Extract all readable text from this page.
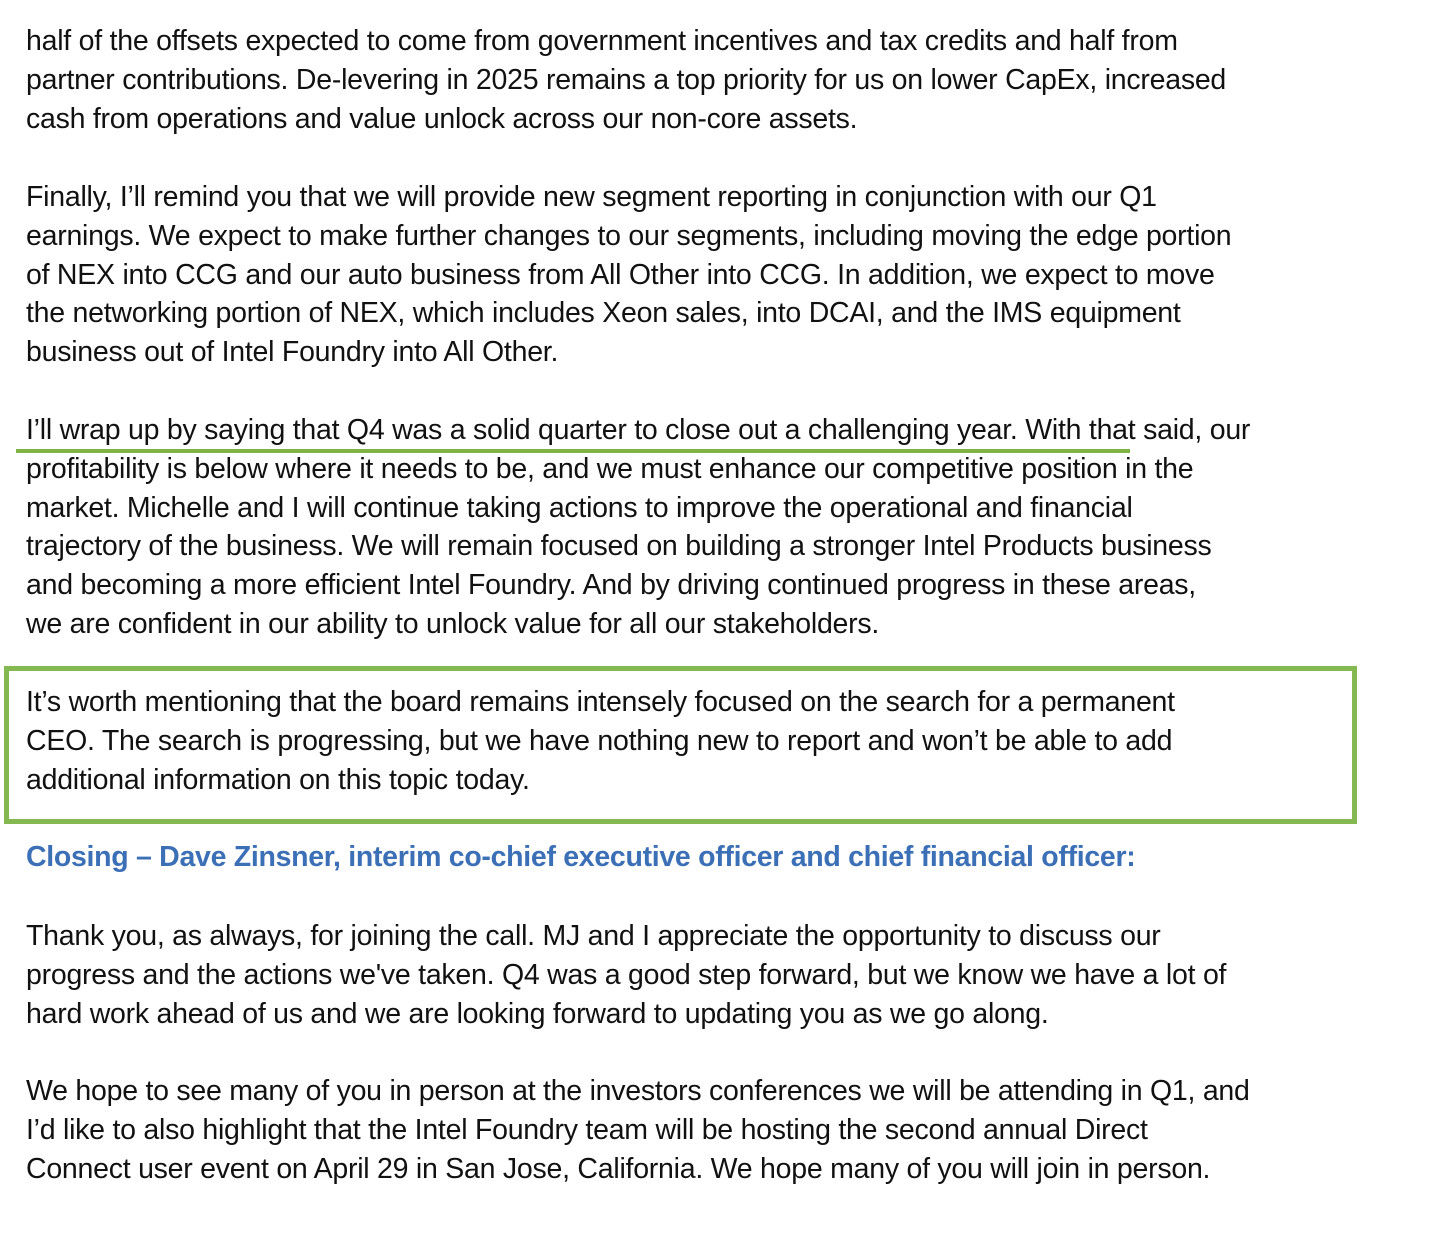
half of the offsets expected to come from government incentives and tax credits and half from
partner contributions. De-levering in 2025 remains a top priority for us on lower CapEx, increased
cash from operations and value unlock across our non-core assets.

Finally, I’ll remind you that we will provide new segment reporting in conjunction with our Q1
earnings. We expect to make further changes to our segments, including moving the edge portion
of NEX into CCG and our auto business from All Other into CCG. In addition, we expect to move
the networking portion of NEX, which includes Xeon sales, into DCAI, and the IMS equipment
business out of Intel Foundry into All Other.

I’ll wrap up by saying that Q4 was a solid quarter to close out a challenging year. With that said, our
profitability is below where it needs to be, and we must enhance our competitive position in the
market. Michelle and I will continue taking actions to improve the operational and financial
trajectory of the business. We will remain focused on building a stronger Intel Products business
and becoming a more efficient Intel Foundry. And by driving continued progress in these areas,
we are confident in our ability to unlock value for all our stakeholders.

It’s worth mentioning that the board remains intensely focused on the search for a permanent
CEO. The search is progressing, but we have nothing new to report and won’t be able to add
additional information on this topic today.

Closing – Dave Zinsner, interim co-chief executive officer and chief financial officer:

Thank you, as always, for joining the call. MJ and I appreciate the opportunity to discuss our
progress and the actions we've taken. Q4 was a good step forward, but we know we have a lot of
hard work ahead of us and we are looking forward to updating you as we go along.

We hope to see many of you in person at the investors conferences we will be attending in Q1, and
I’d like to also highlight that the Intel Foundry team will be hosting the second annual Direct
Connect user event on April 29 in San Jose, California. We hope many of you will join in person.
